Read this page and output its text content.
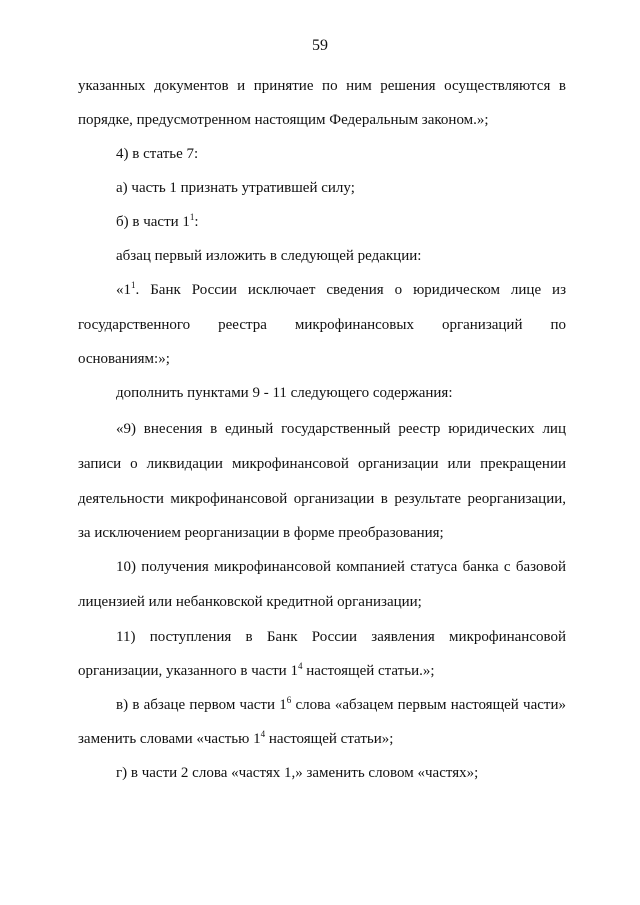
59
указанных документов и принятие по ним решения осуществляются в
порядке, предусмотренном настоящим Федеральным законом.»;
4) в статье 7:
а) часть 1 признать утратившей силу;
б) в части $1^1$:
абзац первый изложить в следующей редакции:
«$1^1$. Банк России исключает сведения о юридическом лице из
государственного реестра микрофинансовых организаций по
основаниям:»;
дополнить пунктами 9 - 11 следующего содержания:
«9) внесения в единый государственный реестр юридических лиц
записи о ликвидации микрофинансовой организации или прекращении
деятельности микрофинансовой организации в результате реорганизации,
за исключением реорганизации в форме преобразования;
10) получения микрофинансовой компанией статуса банка с базовой
лицензией или небанковской кредитной организации;
11) поступления в Банк России заявления микрофинансовой
организации, указанного в части $1^4$ настоящей статьи.»;
в) в абзаце первом части $1^6$ слова «абзацем первым настоящей части»
заменить словами «частью $1^4$ настоящей статьи»;
г) в части 2 слова «частях 1,» заменить словом «частях»;
